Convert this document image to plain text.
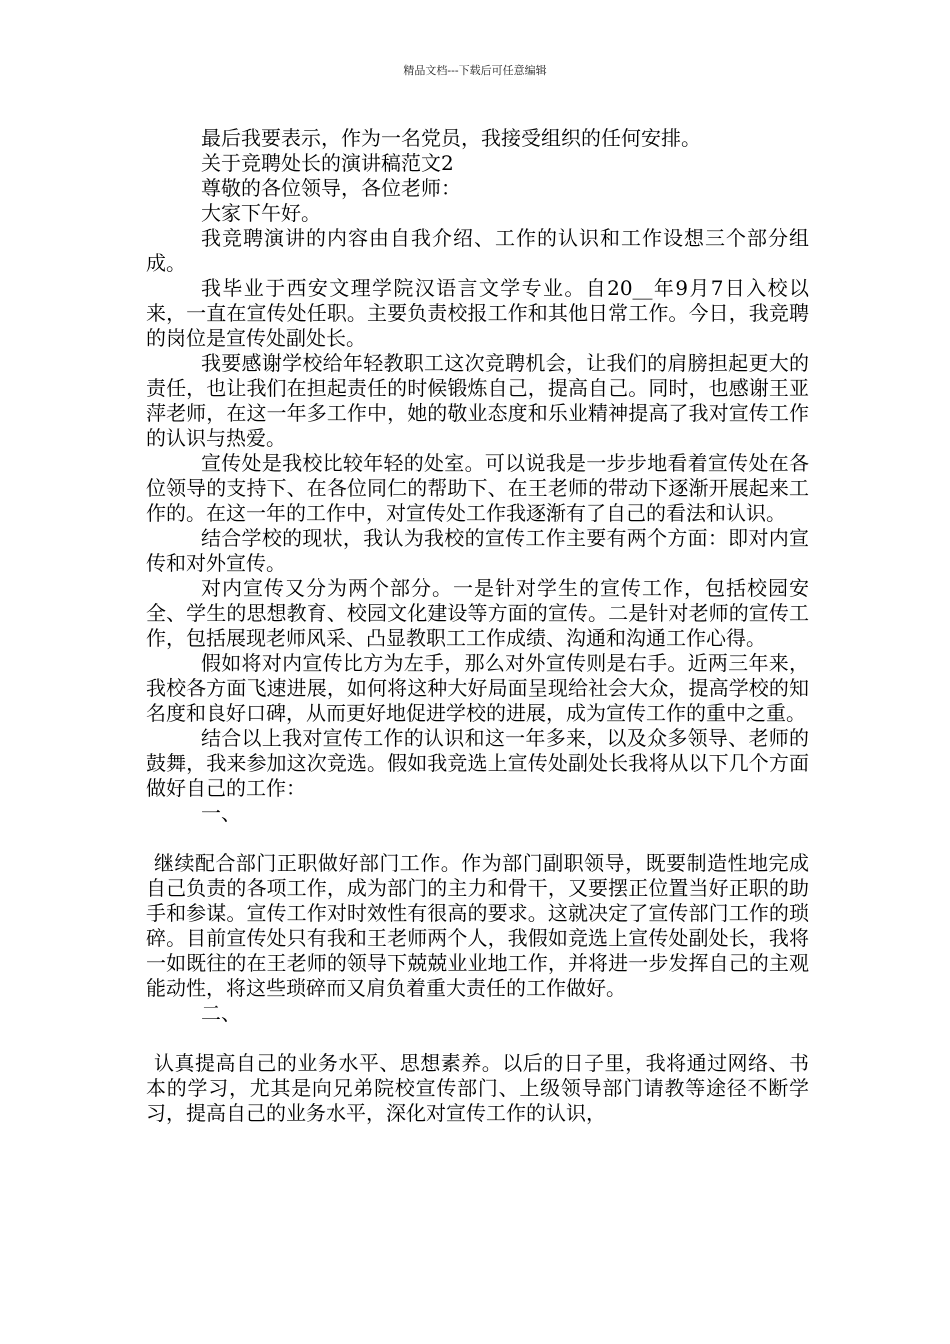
精品文档---下载后可任意编辑

最后我要表示，作为一名党员，我接受组织的任何安排。

关于竞聘处长的演讲稿范文2

尊敬的各位领导，各位老师：

大家下午好。

我竞聘演讲的内容由自我介绍、工作的认识和工作设想三个部分组成。

我毕业于西安文理学院汉语言文学专业。自20__年9月7日入校以来，一直在宣传处任职。主要负责校报工作和其他日常工作。今日，我竞聘的岗位是宣传处副处长。

我要感谢学校给年轻教职工这次竞聘机会，让我们的肩膀担起更大的责任，也让我们在担起责任的时候锻炼自己，提高自己。同时，也感谢王亚萍老师，在这一年多工作中，她的敬业态度和乐业精神提高了我对宣传工作的认识与热爱。

宣传处是我校比较年轻的处室。可以说我是一步步地看着宣传处在各位领导的支持下、在各位同仁的帮助下、在王老师的带动下逐渐开展起来工作的。在这一年的工作中，对宣传处工作我逐渐有了自己的看法和认识。

结合学校的现状，我认为我校的宣传工作主要有两个方面：即对内宣传和对外宣传。

对内宣传又分为两个部分。一是针对学生的宣传工作，包括校园安全、学生的思想教育、校园文化建设等方面的宣传。二是针对老师的宣传工作，包括展现老师风采、凸显教职工工作成绩、沟通和沟通工作心得。

假如将对内宣传比方为左手，那么对外宣传则是右手。近两三年来，我校各方面飞速进展，如何将这种大好局面呈现给社会大众，提高学校的知名度和良好口碑，从而更好地促进学校的进展，成为宣传工作的重中之重。

结合以上我对宣传工作的认识和这一年多来，以及众多领导、老师的鼓舞，我来参加这次竞选。假如我竞选上宣传处副处长我将从以下几个方面做好自己的工作：

一、

继续配合部门正职做好部门工作。作为部门副职领导，既要制造性地完成自己负责的各项工作，成为部门的主力和骨干，又要摆正位置当好正职的助手和参谋。宣传工作对时效性有很高的要求。这就决定了宣传部门工作的琐碎。目前宣传处只有我和王老师两个人，我假如竞选上宣传处副处长，我将一如既往的在王老师的领导下兢兢业业地工作，并将进一步发挥自己的主观能动性，将这些琐碎而又肩负着重大责任的工作做好。

二、

认真提高自己的业务水平、思想素养。以后的日子里，我将通过网络、书本的学习，尤其是向兄弟院校宣传部门、上级领导部门请教等途径不断学习，提高自己的业务水平，深化对宣传工作的认识，
